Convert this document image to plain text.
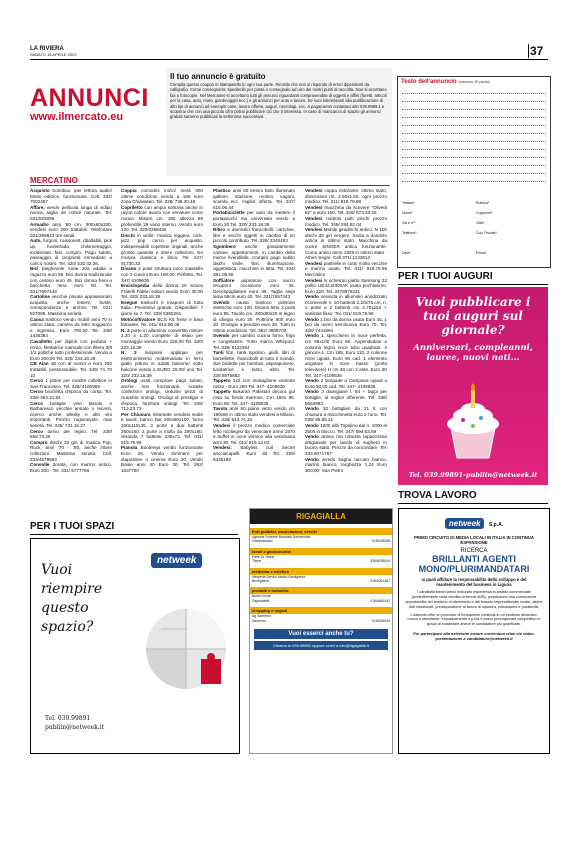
LA RIVIERA
SABATO 16 APRILE 2022	37
ANNUNCI
www.ilmercato.eu
Il tuo annuncio è gratuito
Compila questo coupon in stampatello in ogni sua parte. Ricorda che non si risponde di errori dipendenti da calligrafia. Come consegnarlo: spediscilo per posta o consegnalo ad uno dei nostri punti di raccolta. Non si accettano fax o fotocopie. Nel Mercatino si accettano tutti gli annunci riguardanti compravendite di oggetti e affini (furetti, articoli per la casa, auto, moto, giardinaggio ecc.) e gli annunci per auto e lavoro. Se vuoi interessanti alla pubblicazione di altri tipi di annunci ad esempio case, lavoro offerte, auguri, necrologi, ecc. a pagamento contattaci allo 039.9989.1 e scoprirai che con una piccola cifra potrai pubblicare ciò che ti interessa. In caso di mancanza di spazio gli annunci gratuiti saranno pubblicati la settimana successiva.
Testo dell'annuncio (massimo 20 parole)
Testata*	Rubrica*
Nome*	Cognome*
Via e n°*	Città*
Telefono*	Cod. Fiscale*
Data*	Firma*
MERCATINO

Acquisto Sonobox, iper lettura audio/ Motto editrice, funzionante. Cell. 334/ 7002467

Affare, vendo pellicola lunga di vidipo nuova, taglia 48 colore naturale. Tel. 031/523058

Armadio anni '60 cm. 300x60x200, vendesi euro 200 trattabili. Telefonare 031/269843 ore serali.

Auto, furgoni, caissonett, ribaltabili, pick up, fuoristrada, chilometraggio, incidentati, fusi, compro. Pago subito, passaggio di proprietà immediato a carico nostro. Tel. 320/ 532 42 26.

Bici pieghevole ruote 20a adatta a ragazzo euro 55. Bici donna tradizionale con cestino euro 45. Bici donna freni a bacchetta nera euro 50. Tel. 331/7697443

Cartoline vecchie private appassionato acquista, anche lettere, buste, corrispondenze e archivi. Tel. 031/ 927085. Massima serietà.

Causa trasloco vendo mobili anni 70 in ottimo stato, camera da letto soggiorno e ingresso. Euro 750,00 Tel. 349/ 1436384

Cavalletto per dipinti con pedana + rinvio, filettatrice manuale con filiera 3/8 1/2 polliche tutto professionale. Vendo a Euro 200,00 Tel. 320/ 233.18.39

CB Alan 48 con al nuovo a euro 250 trattabili, possessiobile. Tel. 349/ 74 70 10

Cerco 1 pittori per mostre collettive in San Francesco. Tel. 328/ 4160959

Cerco bicicletta d'epoca da corsa. Tel. 339/ 463.31.84

Cerco bottiglie vino Barolo e Barbaresco vecchie annate o recenti, ricerco anche whisky e altri vini importanti. Prezzo ragionevole, max serietà. Tel. 335/ 731.16.27

Cerco tornio per legno. Tel. 339/ 658.73.26

Compro dischi 33 giri di musica Pop, Rock, anni '70 - '80, anche intere collezioni. Massima serietà. Cell. 333/4579693

Consolle dorata, con marmo antico. Euro 200 - Tel. 331/ 5777768

Coppia comodini inizio/ metà 900 ottime condizioni vendo a 150 euro zona Chiavasso. Tel. 328/ 736.20.18.

Copriletto con ampia sottovia anche in rayon colore avorio con venature come nuovo. Misure cm. 180 altezza 90 profondità 29 vano interno. Vendo euro 120. Tel. 320/0359436

Dischi in vinile: musica leggera, rock, jazz, pop cerco per acquisto. Indispensabili copertine originali, anche grosse quantità e intere collezioni. No musica classica e lirica. Tel. 347/ 91730.32

Divano 2 posti struttura noce massello con 2 cuscini Euro 180,00. Perfetto. Tel. 347/ 4109636.

Enciclopedia della donna 20 volumi Fratelli Fabbri editori vendo Euro 30,00 Tel. 320/ 233.18.39

Esegue traslochi e trasporti di tutta Italia. Preventivi gratuiti. Disponibile 7 giorni su 7. Tel. 339/ 5365261

Motocoltivatore BCS K5 frese e bara falciante. Tel. 011/ 913.96.08

N. 2 porte in alluminio convertite misure 2.20 x 1.20 complete di telaio per montaggio vendo Euro 150,00 Tel. 320/ 233.18.39

N. 3 lampioni applique per esterno/interno modernariato in ferro giallo pittura in adatti balcone/ sotto balcone vendo a EURO 20,00/ uno Tel. 320/ 233.18.39

Orologi usati comprare pago subito, anche non funzionanti, scatole confezioni orologi, cinturini pezzi di ricambio orologi. Orologi di prestigio e d'epoca, fornitura orologi. Tel. 339/ 713.23.73

Per Chiusura ristorante vendesi sedie e tavoli, banco bar 260x60x100, forno 330x110x35, 2 porte a due battenti 260x150, 2 porte a molla da 190x180, veranda 7 battenti 230x72. Tel. 011/ 919.79.99

Pianola Bontempi vendo funzionante Euro 25. Vendo Simmern per diapositive o cinema Euro 20. Vendo Baule anni 40 Euro 30. Tel. 392/ 1637700

Plastico anni 60 trenini tutto illuminato gallerie, stazione, molino, vagoni, scambi ecc. miglior offerta. Tel. 347/ 616.06.44

Portabiciclette per auto da mettere il portapacchi ma universale vendo a Euro 20 Tel. 320/ 233.18.39

Ritiro a domicilio francobolli, cartoline, libri e vecchi oggetti in cambio di un piccolo contributo. Tel. 328/ 3348493

Sgombero anche gratuitamente cantine, appartamenti, in cambio della merce rivendibile. Compro pago subito dischi vinile, libri, illuminazione, oggettistica, macchine in latta. Tel. 334/ 391.06.56

Soffiatore aspiratore con sacco recupero occasione euro 45. Decespugliatore euro 38. Taglia siepi lama 55cm euro 40. Tel. 331/7697443

Svendo causa trasloco poltrone elettriche euro 100. Divano letto 2 posti euro 55. Tavolo cm. 280x90x20 in legno di ciliegio euro 20. Poltrone 900 euro 30. Orologio a pendolo euro 20. Tutto in ottime condizioni. Tel. 392/ 3508703

Svendo per cambio cucina forno, frigo e congelatore. Tutto marca Whirpool. Tel. 339/ 8122384

Tanti libri, tanti topolino, gialli, libri di barzellette, francobolli di tutto il mondo, due bicilette per bambini, aspirapolvere, lucidatrice e tanto altro. Tel. 338.8575682

Tappeto 3x2 con medaglione centrale rosso - Euro 280 Tel. 347- 4109636

Tappeto Bukaran Pakistan decoro gul rosa su fondo marrone. Cm 150x 96. Euro 60. Tel. 347- 4109636

Tavola anni 60 piano vetro vendo cm 190x80 in ottimo stato vendesi a Milano. Tel. 328/ 613.74.33

Vendesi il prezzo medico comerciale letto ricoliegno da verniciare anno 1970 e buffet in noce vernice alla veneziana anni 30. Tel. 011/ 919.12.82

Vendesi: Babyliss curl Secret aricciacapelli. Euro 30 Tel. 329/ 5435188

Vendesi coppa ristorante, ottimo stato, dimensioni mt. 2.90x1.50, ogni prezzo modico. Tel. 011/ 919.79.98

Vendesi macchina da scrivere "Olivetti 82" a euro 150. Tel. 328/ 673.33.26

Vendesi mattoni pulti pinchi prezzo modico. Tel. 349/ 284.92.04

Vendesi Mobile giradischi antico. N 100 dischi 33 giri vergem. Sedia a dondolo antica in ottimo stato. Macchina da cucire SINGER antica funzionante. Como antico anno 1928 in ottimo stato - Athen Segre. Cell 371/ 1133812

Vendesi pastrelle in cotto molto vecchie e marmo usato. Tel. 011/ 919.79.98 Mercatino

Vendesi tv schermo piatto Samsung 32 pollici UE32J4300AK usato pochissimo. Euro 220. Tel. 3476975431

Vendo veranda in alluminio anodizzato ricomevole n. 10 battenti 2.20x75 cm, n. 2 porte a 2 battenti cm 2.70x152 + vasistas fisso. Tel. 011/ 919.79.96

Vendo 1 bici da donna usata Euro 45, 1 bici da uomo seminuova Euro 70. Tel. 328/ 7431894

Vendo 1 specchiera in noce perfetta, cm 66x100 Euro 50. Appendiabito a colonna legno noce tubo quadrato. 4 gancio+4. Cm 185. Euro 110. 2 colonne noce uguali. Euro 60 cad. 1 elemento angolare in noce basso (porta televisore) H cm 48 con 2 ante. Euro 60 Tel. 347- 4109636

Vendo 2 lampade a Campana uguali a Euro 50,00 cad. Tel. 347- 4109636

Vendo 3 damigiane l. 54 + tappi per bottiglie, al miglior offerente. Tel. 338/ 5664993.

Vendo 30 bottiglieri da 21 lt con chiusura a macchinetta euro 2 l'uno. Tel. 039/ 95.65.21

Vendo 1200 albi Topolino dal n. 1000 al 2500 in blocco. Tel. 347/ 594.63.69

Vendo antica ma robusta tappezzeria artigianale per tavolo di sughero in buona stato. Prezzo da concordare. Tel. 333 8071767

Vendo arredo bagno laccato bianco, marmo bianco, larghezza 1.24 Euro 300,00- San Pietro

PER I TUOI AUGURI
Vuoi pubblicare i tuoi auguri sul giornale?
Anniversari, compleanni, lauree, nuovi nati...
Tel. 039.99891-publiin@netweek.it
PER I TUOI SPAZI
Vuoi riempire questo spazio?
netweek
Tel. 039.99891
publiin@netweek.it
RIGAGIALLA
Enti pubblici, associazioni, servizi
Agenzia Funebre Blumonti Sanvenzille
Campociosso	0184/28288
locali e gastronomia
Pane Di Titone
Titone	335/6038044
medicina e estetica
Hesperia Servizi Medici Bordighera
Bordighera	0184/261487
prodotti e industria
Biofin Olona
Ospedaletti	0184/689142
shopping e negozi
Ag Sanremo
Sanremo	0184/91044
Vuoi esserci anche tu?
Chiama lo 039.99891 oppure scrivi a info@rigagialla.it
TROVA LAVORO
netweek S.p.A.
PRIMO CIRCUITO DI MEDIA LOCALI IN ITALIA IN CONTINUA ESPANSIONE
RICERCA
BRILLANTI AGENTI
MONO/PLURIMANDATARI
ai quali affidare la responsabilità dello sviluppo e del mantenimento del business in Liguria
I candidati ideali hanno maturato esperienza in ambito commerciale (preferibilmente nella vendita di servizi B2B), possiedono una conoscenza approfondita del territorio di riferimento e del tessuto imprenditoriale locale, ottime doti relazionali, predisposizione al lavoro di squadra, entusiasmo e proattività.
L'azienda offre un percorso di formazione continua in un contesto dinamico, nuovo e stimolante. Inquadramento a p.iva e piano provvigionale competitivo in grado di soddisfare anche le candidature più qualificate.
Per partecipare alla selezione inviare curriculum vitae e/o video-presentazione a candidature@netweek.it
